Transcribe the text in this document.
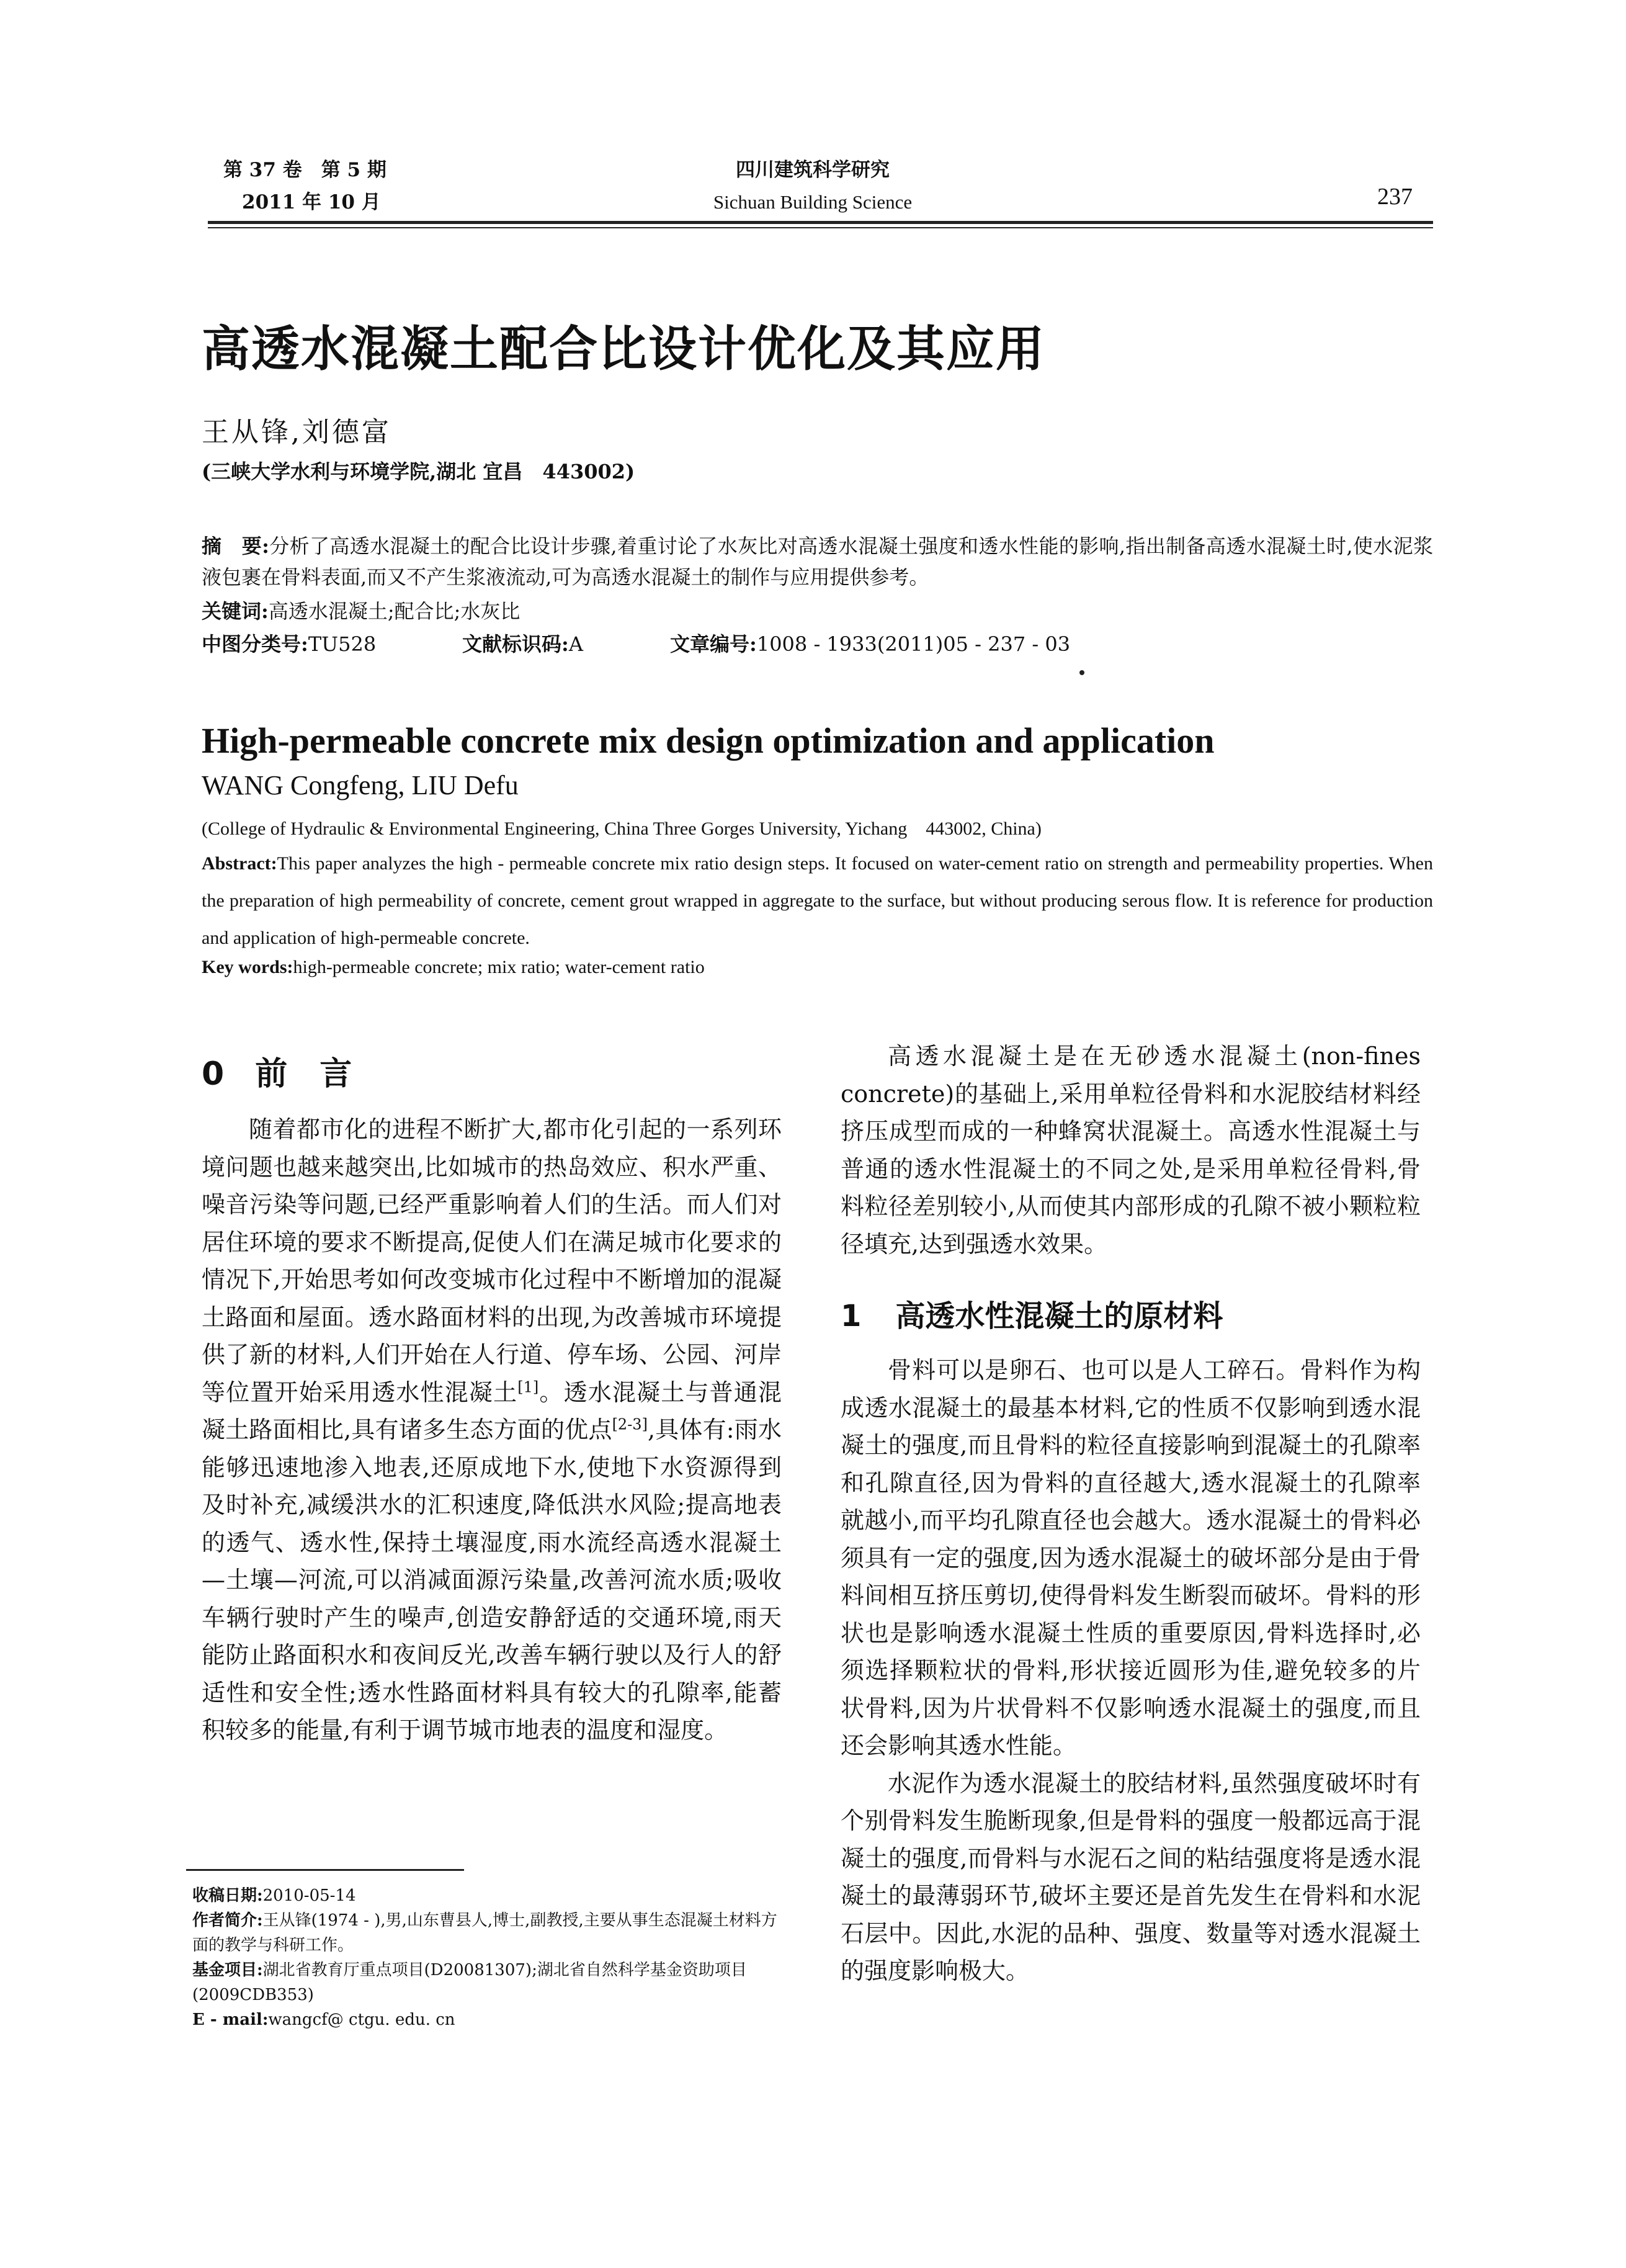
第 37 卷　第 5 期
2011 年 10 月
四川建筑科学研究
Sichuan Building Science	237
高透水混凝土配合比设计优化及其应用
王从锋,刘德富
(三峡大学水利与环境学院,湖北 宜昌　443002)
摘　要:分析了高透水混凝土的配合比设计步骤,着重讨论了水灰比对高透水混凝土强度和透水性能的影响,指出制备高透水混凝土时,使水泥浆液包裹在骨料表面,而又不产生浆液流动,可为高透水混凝土的制作与应用提供参考。
关键词:高透水混凝土;配合比;水灰比
中图分类号:TU528	文献标识码:A	文章编号:1008 - 1933(2011)05 - 237 - 03
High-permeable concrete mix design optimization and application
WANG Congfeng, LIU Defu
(College of Hydraulic & Environmental Engineering, China Three Gorges University, Yichang　443002, China)
Abstract:This paper analyzes the high - permeable concrete mix ratio design steps. It focused on water-cement ratio on strength and permeability properties. When the preparation of high permeability of concrete, cement grout wrapped in aggregate to the surface, but without producing serous flow. It is reference for production and application of high-permeable concrete.
Key words:high-permeable concrete; mix ratio; water-cement ratio
0 前　言

随着都市化的进程不断扩大,都市化引起的一系列环境问题也越来越突出,比如城市的热岛效应、积水严重、噪音污染等问题,已经严重影响着人们的生活。而人们对居住环境的要求不断提高,促使人们在满足城市化要求的情况下,开始思考如何改变城市化过程中不断增加的混凝土路面和屋面。透水路面材料的出现,为改善城市环境提供了新的材料,人们开始在人行道、停车场、公园、河岸等位置开始采用透水性混凝土[1]。透水混凝土与普通混凝土路面相比,具有诸多生态方面的优点[2-3],具体有:雨水能够迅速地渗入地表,还原成地下水,使地下水资源得到及时补充,减缓洪水的汇积速度,降低洪水风险;提高地表的透气、透水性,保持土壤湿度,雨水流经高透水混凝土—土壤—河流,可以消减面源污染量,改善河流水质;吸收车辆行驶时产生的噪声,创造安静舒适的交通环境,雨天能防止路面积水和夜间反光,改善车辆行驶以及行人的舒适性和安全性;透水性路面材料具有较大的孔隙率,能蓄积较多的能量,有利于调节城市地表的温度和湿度。

高透水混凝土是在无砂透水混凝土(non-fines concrete)的基础上,采用单粒径骨料和水泥胶结材料经挤压成型而成的一种蜂窝状混凝土。高透水性混凝土与普通的透水性混凝土的不同之处,是采用单粒径骨料,骨料粒径差别较小,从而使其内部形成的孔隙不被小颗粒粒径填充,达到强透水效果。

1 高透水性混凝土的原材料

骨料可以是卵石、也可以是人工碎石。骨料作为构成透水混凝土的最基本材料,它的性质不仅影响到透水混凝土的强度,而且骨料的粒径直接影响到混凝土的孔隙率和孔隙直径,因为骨料的直径越大,透水混凝土的孔隙率就越小,而平均孔隙直径也会越大。透水混凝土的骨料必须具有一定的强度,因为透水混凝土的破坏部分是由于骨料间相互挤压剪切,使得骨料发生断裂而破坏。骨料的形状也是影响透水混凝土性质的重要原因,骨料选择时,必须选择颗粒状的骨料,形状接近圆形为佳,避免较多的片状骨料,因为片状骨料不仅影响透水混凝土的强度,而且还会影响其透水性能。

水泥作为透水混凝土的胶结材料,虽然强度破坏时有个别骨料发生脆断现象,但是骨料的强度一般都远高于混凝土的强度,而骨料与水泥石之间的粘结强度将是透水混凝土的最薄弱环节,破坏主要还是首先发生在骨料和水泥石层中。因此,水泥的品种、强度、数量等对透水混凝土的强度影响极大。

收稿日期:2010-05-14

作者简介:王从锋(1974 - ),男,山东曹县人,博士,副教授,主要从事生态混凝土材料方面的教学与科研工作。

基金项目:湖北省教育厅重点项目(D20081307);湖北省自然科学基金资助项目(2009CDB353)

E - mail:wangcf@ ctgu. edu. cn
